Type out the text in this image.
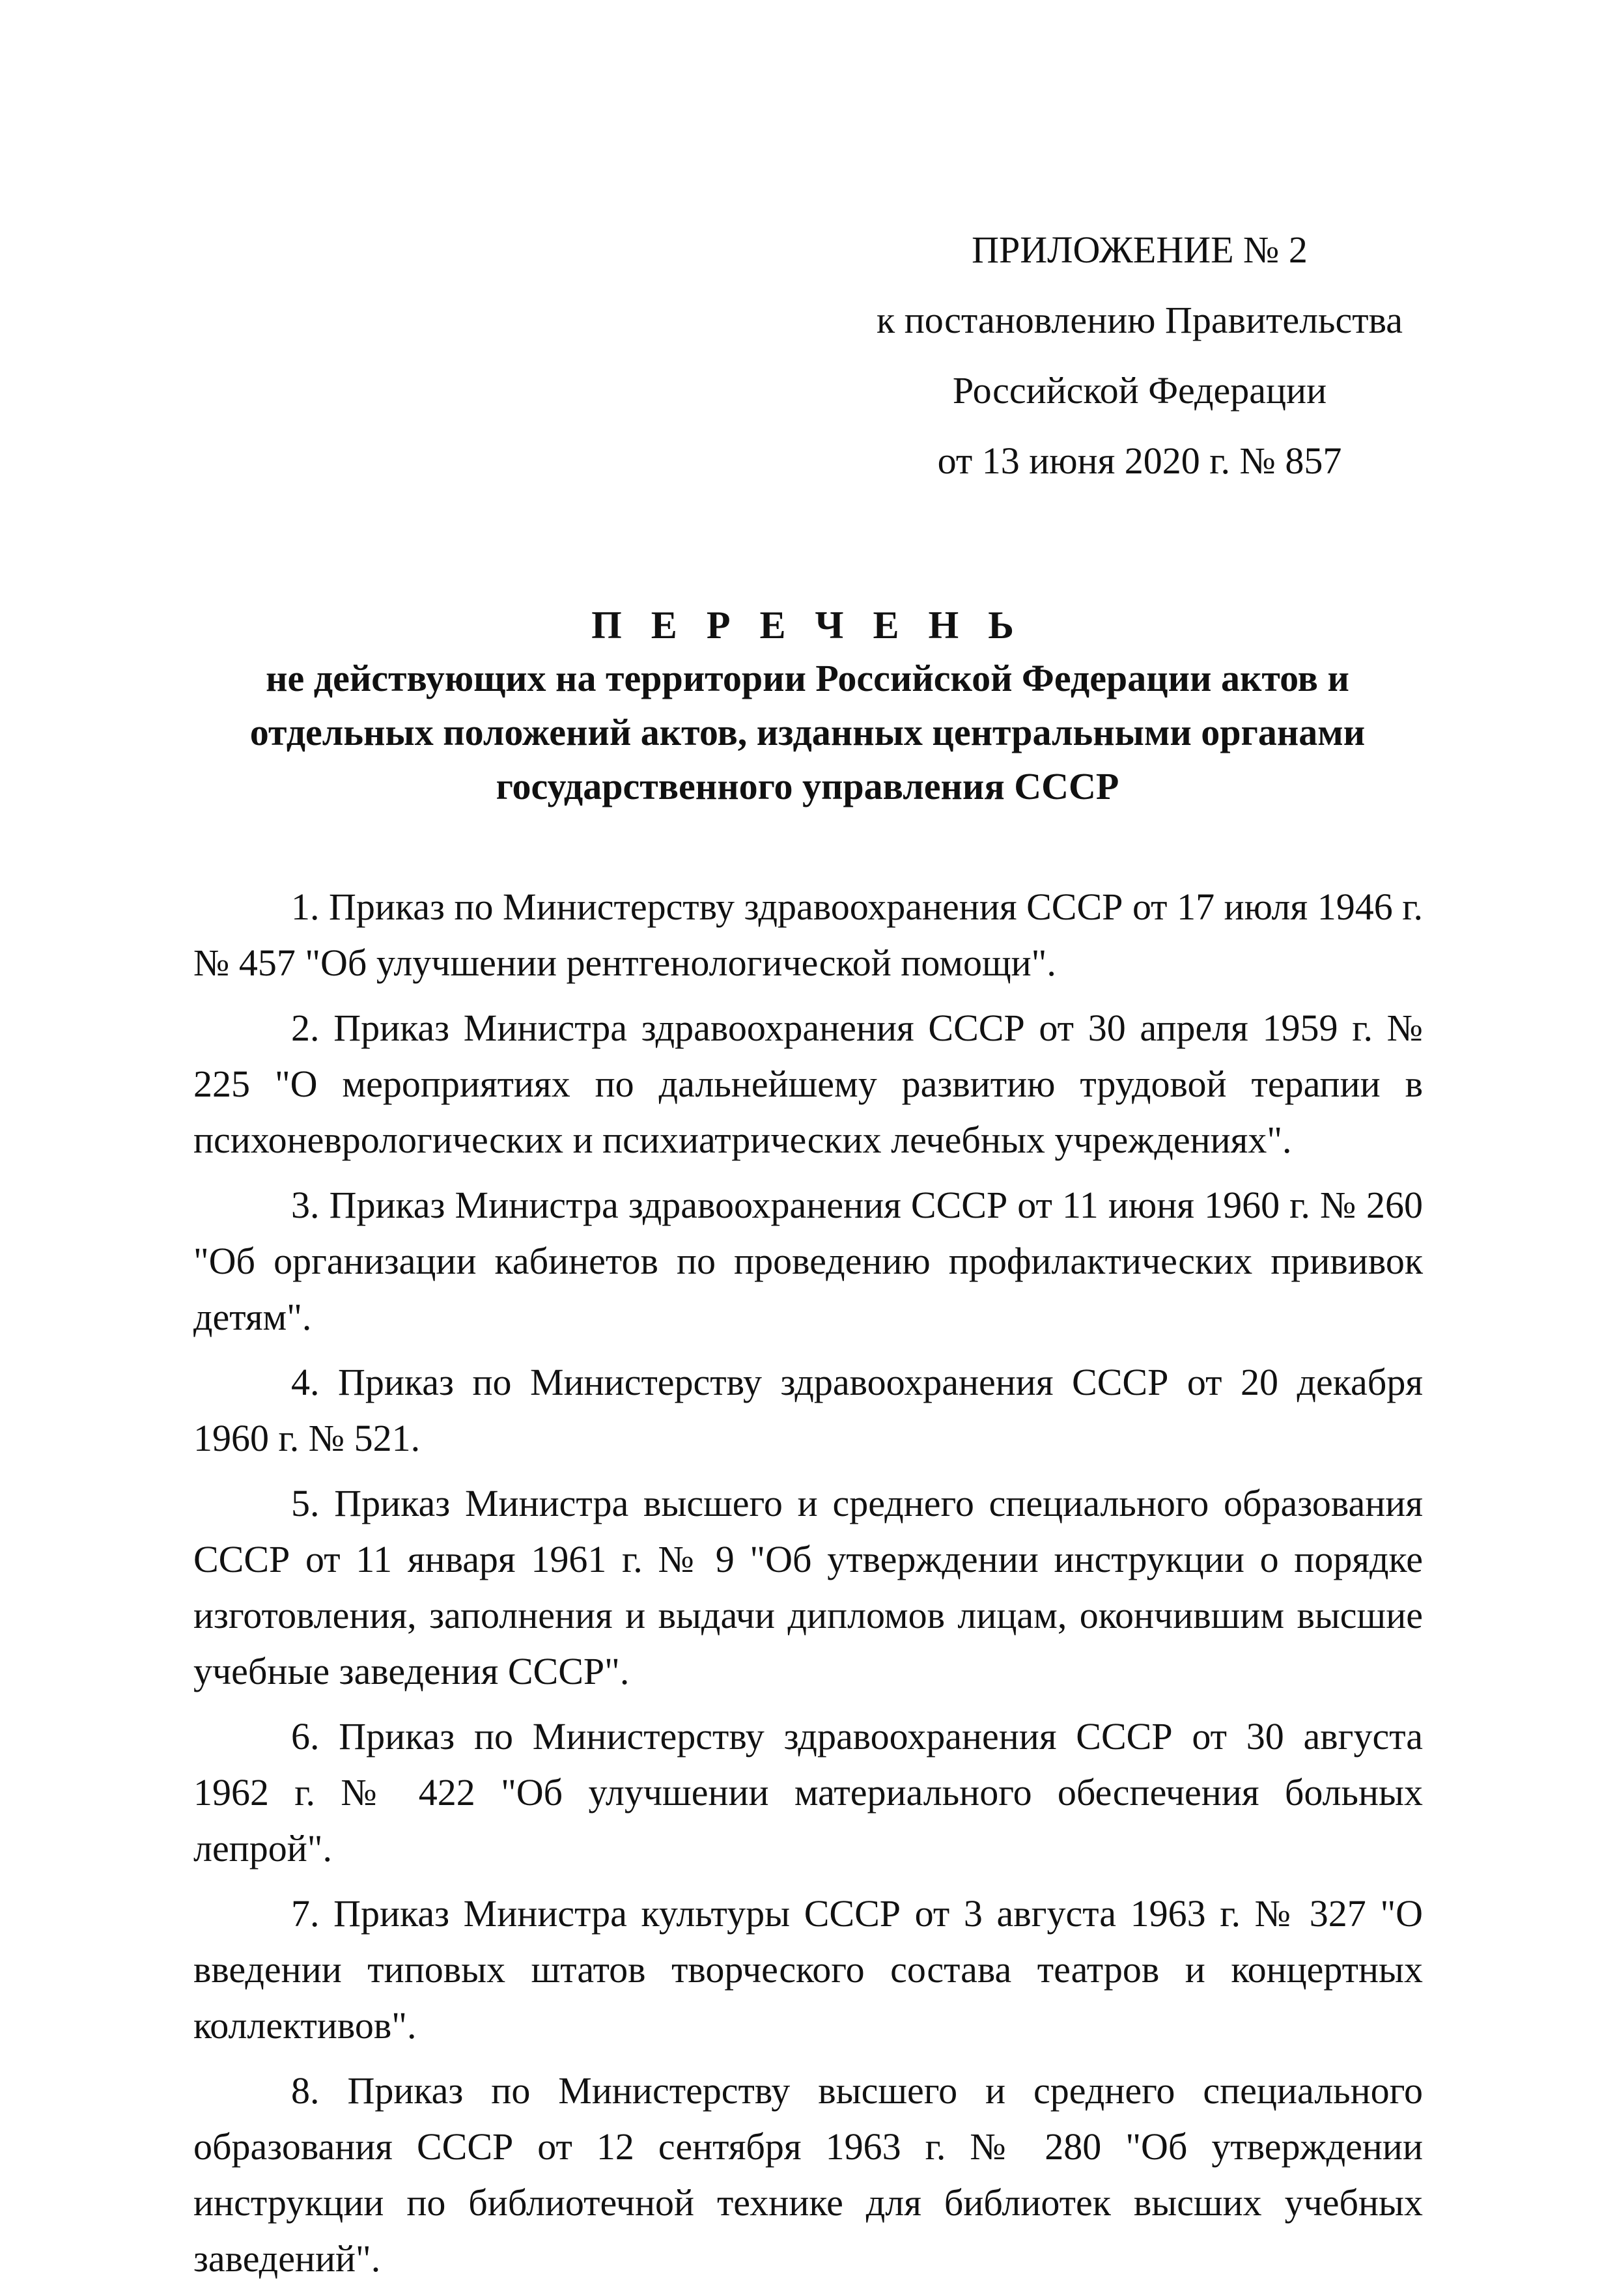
ПРИЛОЖЕНИЕ № 2
к постановлению Правительства
Российской Федерации
от 13 июня 2020 г. № 857
П Е Р Е Ч Е Н Ь
не действующих на территории Российской Федерации актов и
отдельных положений актов, изданных центральными органами
государственного управления СССР

1. Приказ по Министерству здравоохранения СССР от 17 июля 1946 г. № 457 "Об улучшении рентгенологической помощи".

2. Приказ Министра здравоохранения СССР от 30 апреля 1959 г. № 225 "О мероприятиях по дальнейшему развитию трудовой терапии в психоневрологических и психиатрических лечебных учреждениях".

3. Приказ Министра здравоохранения СССР от 11 июня 1960 г. № 260 "Об организации кабинетов по проведению профилактических прививок детям".

4. Приказ по Министерству здравоохранения СССР от 20 декабря 1960 г. № 521.

5. Приказ Министра высшего и среднего специального образования СССР от 11 января 1961 г. № 9 "Об утверждении инструкции о порядке изготовления, заполнения и выдачи дипломов лицам, окончившим высшие учебные заведения СССР".

6. Приказ по Министерству здравоохранения СССР от 30 августа 1962 г. № 422 "Об улучшении материального обеспечения больных лепрой".

7. Приказ Министра культуры СССР от 3 августа 1963 г. № 327 "О введении типовых штатов творческого состава театров и концертных коллективов".

8. Приказ по Министерству высшего и среднего специального образования СССР от 12 сентября 1963 г. № 280 "Об утверждении инструкции по библиотечной технике для библиотек высших учебных заведений".
